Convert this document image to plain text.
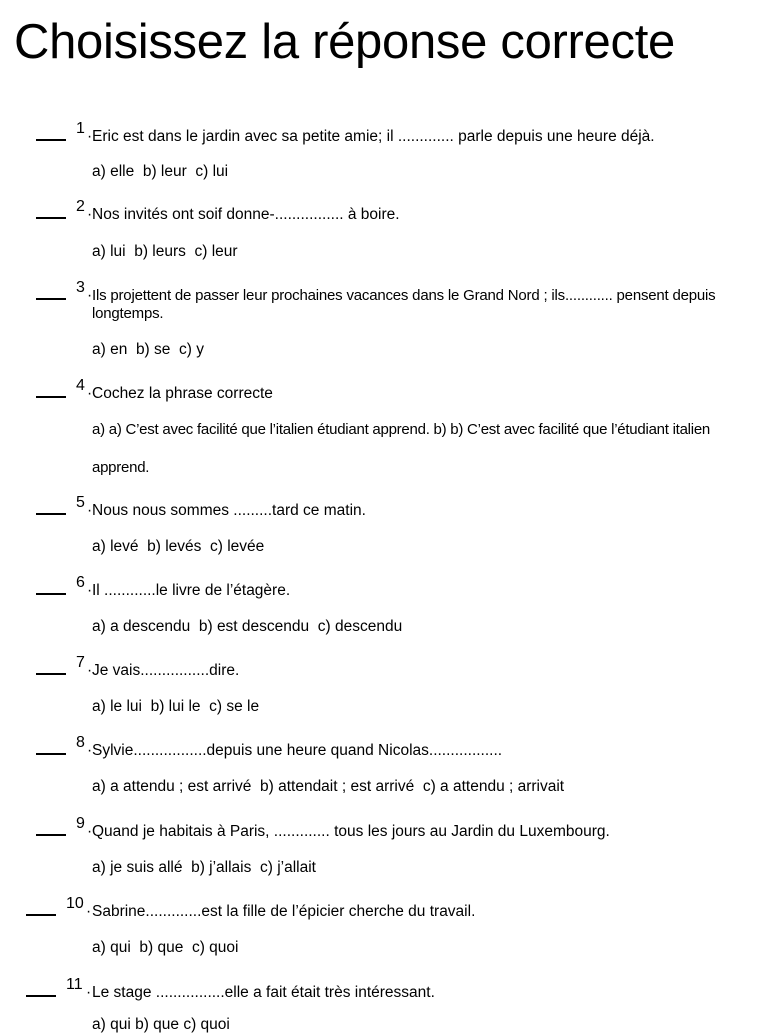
Choisissez la réponse correcte
1 · Eric est dans le jardin avec sa petite amie; il ............. parle depuis une heure déjà.
a) elle  b) leur  c) lui
2 · Nos invités ont soif donne-................ à boire.
a) lui  b) leurs  c) leur
3 · Ils projettent de passer leur prochaines vacances dans le Grand Nord ; ils............ pensent depuis longtemps.
a) en  b) se  c) y
4 · Cochez la phrase correcte
a) a) C’est avec facilité que l’italien étudiant apprend. b) b) C’est avec facilité que l’étudiant italien apprend.
5 · Nous nous sommes .........tard ce matin.
a) levé  b) levés  c) levée
6 · Il ............le livre de l’étagère.
a) a descendu  b) est descendu  c) descendu
7 · Je vais................dire.
a) le lui  b) lui le  c) se le
8 · Sylvie.................depuis une heure quand Nicolas.................
a) a attendu ; est arrivé  b) attendait ; est arrivé  c) a attendu ; arrivait
9 · Quand je habitais à Paris, ............. tous les jours au Jardin du Luxembourg.
a) je suis allé  b) j’allais  c) j’allait
10 · Sabrine.............est la fille de l’épicier cherche du travail.
a) qui  b) que  c) quoi
11 · Le stage ................elle a fait était très intéressant.
a) qui b) que c) quoi
